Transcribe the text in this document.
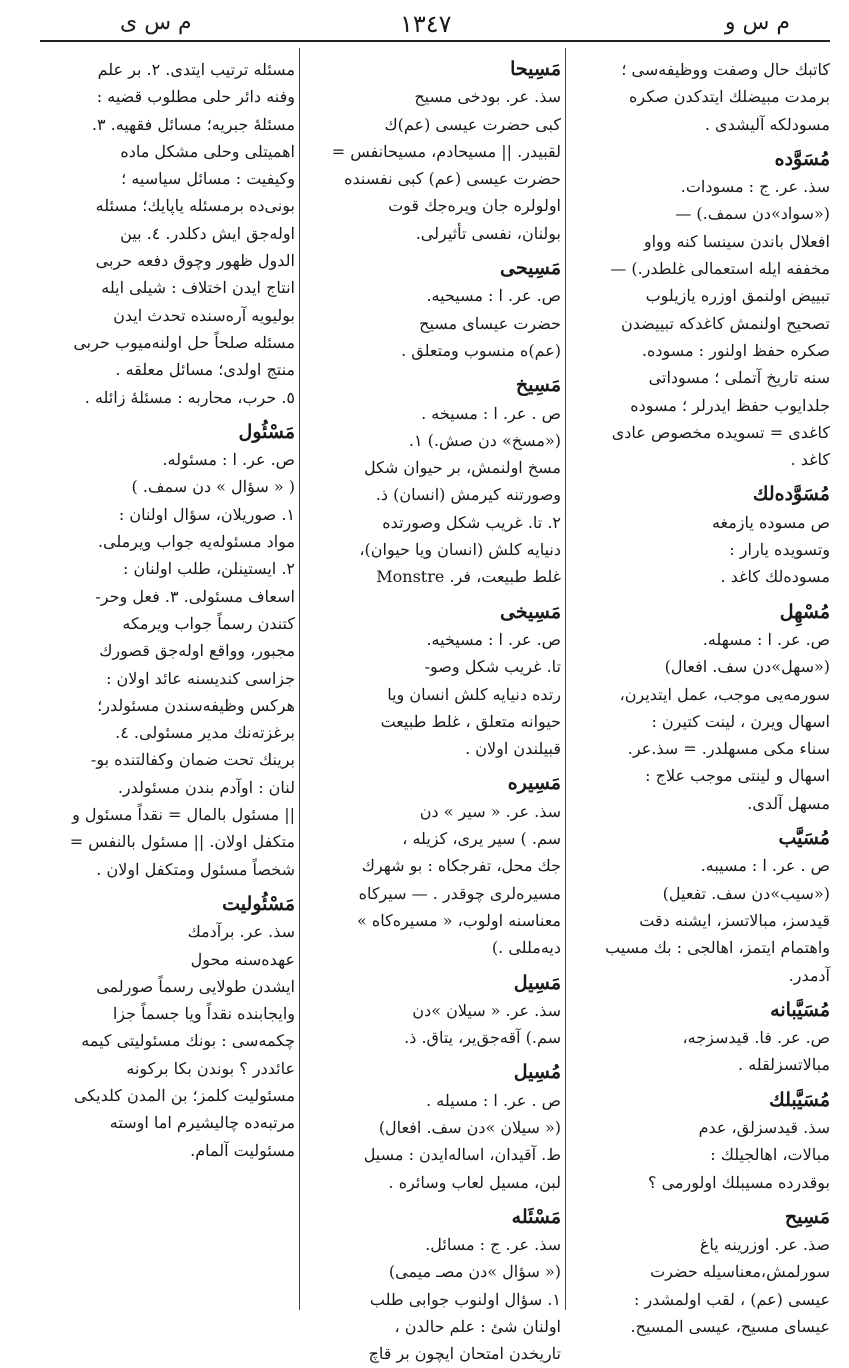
م س ى	١٣٤٧	م س و

كاتبك حال وصفت ووظيفه‌سى ؛
برمدت مبيضلك ايتدكدن صكره
مسودلكه آليشدى .

مُسَوَّده

سذ. عر. ج : مسودات.
(«سواد»دن سمف.) —
افعلال باندن سينسا كنه وواو
مخففه ايله استعمالى غلطدر.) —
تبييض اولنمق اوزره يازيلوب
تصحيح اولنمش كاغدكه تبييضدن
صكره حفظ اولنور : مسوده.
سنه تاريخ آتملى ؛ مسوداتى
جلدايوب حفظ ايدرلر ؛ مسوده
كاغدى = تسويده مخصوص عادى
كاغد .

مُسَوَّده‌لك

ص مسوده يازمغه
وتسويده يارار :
مسوده‌لك كاغد .

مُسْهِل

ص. عر. ا : مسهله.
(«سهل»دن سف. افعال)
سورمه‌يى موجب، عمل ايتديرن،
اسهال ويرن ، لينت كتيرن :
سناء مكى مسهلدر. = سذ.عر.
اسهال و لينتى موجب علاج :
مسهل آلدى.

مُسَيَّب

ص . عر. ا : مسيبه.
(«سيب»دن سف. تفعيل)
قيدسز، مبالاتسز، ايشنه دقت
واهتمام ايتمز، اهالجى : بك مسيب
آدمدر.

مُسَيَّبانه

ص. عر. فا. قيدسزجه،
مبالاتسزلقله .

مُسَيَّبلك

سذ. قيدسزلق، عدم
مبالات، اهالجيلك :
بوقدرده مسيبلك اولورمى ؟

مَسِيح

صذ. عر. اوزرينه ياغ
سورلمش،معناسيله حضرت
عيسى (عم) ، لقب اولمشدر :
عيساى مسيح، عيسى المسيح.

مَسِيحا

سذ. عر. بودخى مسيح
كبى حضرت عيسى (عم)ك
لقبيدر. || مسيحادم، مسيحانفس =
حضرت عيسى (عم) كبى نفسنده
اولولره جان ويره‌جك قوت
بولنان، نفسى تأثيرلى.

مَسِيحى

ص. عر. ا : مسيحيه.
حضرت عيساى مسيح
(عم)ه منسوب ومتعلق .

مَسِيخ

ص . عر. ا : مسيخه .
(«مسخ» دن صش.) ١.
مسخ اولنمش، بر حيوان شكل
وصورتنه كيرمش (انسان) ذ.
٢. تا. غريب شكل وصورتده
دنيايه كلش (انسان ويا حيوان)،
غلط طبيعت، فر. Monstre

مَسِيخى

ص. عر. ا : مسيخيه.
تا. غريب شكل وصو-
رتده دنيايه كلش انسان ويا
حيوانه متعلق ، غلط طبيعت
قبيلندن اولان .

مَسِيره

سذ. عر. « سير » دن
سم. ) سير يرى، كزيله ،
جك محل، تفرجكاه : بو شهرك
مسيره‌لرى چوقدر . — سيركاه
معناسنه اولوب، « مسيره‌كاه »
ديه‌مللى .)

مَسِيل

سذ. عر. « سيلان »دن
سم.) آقه‌جق‌ير، يتاق. ذ.

مُسِيل

ص . عر. ا : مسيله .
(« سيلان »دن سف. افعال)
ط. آقيدان، اساله‌ايدن : مسيل
لبن، مسيل لعاب وسائره .

مَسْئَله

سذ. عر. ج : مسائل.
(« سؤال »دن مصـ ميمى)
١. سؤال اولنوب جوابى طلب
اولنان شئ : علم حالدن ،
تاريخدن امتحان ايچون بر قاچ

مسئله ترتيب ايتدى. ٢. بر علم
وفنه دائر حلى مطلوب قضيه :
مسئلهٔ جبريه؛ مسائل فقهيه. ٣.
اهميتلى وحلى مشكل ماده
وكيفيت : مسائل سياسيه ؛
بونى‌ده برمسئله ياپايك؛ مسئله
اوله‌جق ايش دكلدر. ٤. بين
الدول ظهور وچوق دفعه حربى
انتاج ايدن اختلاف : شيلى ايله
بوليويه آره‌سنده تحدث ايدن
مسئله صلحاً حل اولنه‌ميوب حربى
منتج اولدى؛ مسائل معلقه .
٥. حرب، محاربه : مسئلهٔ زائله .

مَسْئُول

ص. عر. ا : مسئوله.
( « سؤال » دن سمف. )
١. صوريلان، سؤال اولنان :
مواد مسئوله‌يه جواب ويرملى.
٢. ايستينلن، طلب اولنان :
اسعاف مسئولى. ٣. فعل وحر-
كتندن رسماً جواب ويرمكه
مجبور، وواقع اوله‌جق قصورك
جزاسى كنديسنه عائد اولان :
هركس وظيفه‌سندن مسئولدر؛
برغزته‌نك مدير مسئولى. ٤.
برينك تحت ضمان وكفالتنده بو-
لنان : اوآدم بندن مسئولدر.
|| مسئول بالمال = نقداً مسئول و
متكفل اولان. || مسئول بالنفس =
شخصاً مسئول ومتكفل اولان .

مَسْئُوليت

سذ. عر. برآدمك
عهده‌سنه محول
ايشدن طولايى رسماً صورلمى
وايجابنده نقداً ويا جسماً جزا
چكمه‌سى : بونك مسئوليتى كيمه
عائددر ؟ بوندن بكا بركونه
مسئوليت كلمز؛ بن المدن كلديكى
مرتبه‌ده چاليشيرم اما اوسته
مسئوليت آلمام.
